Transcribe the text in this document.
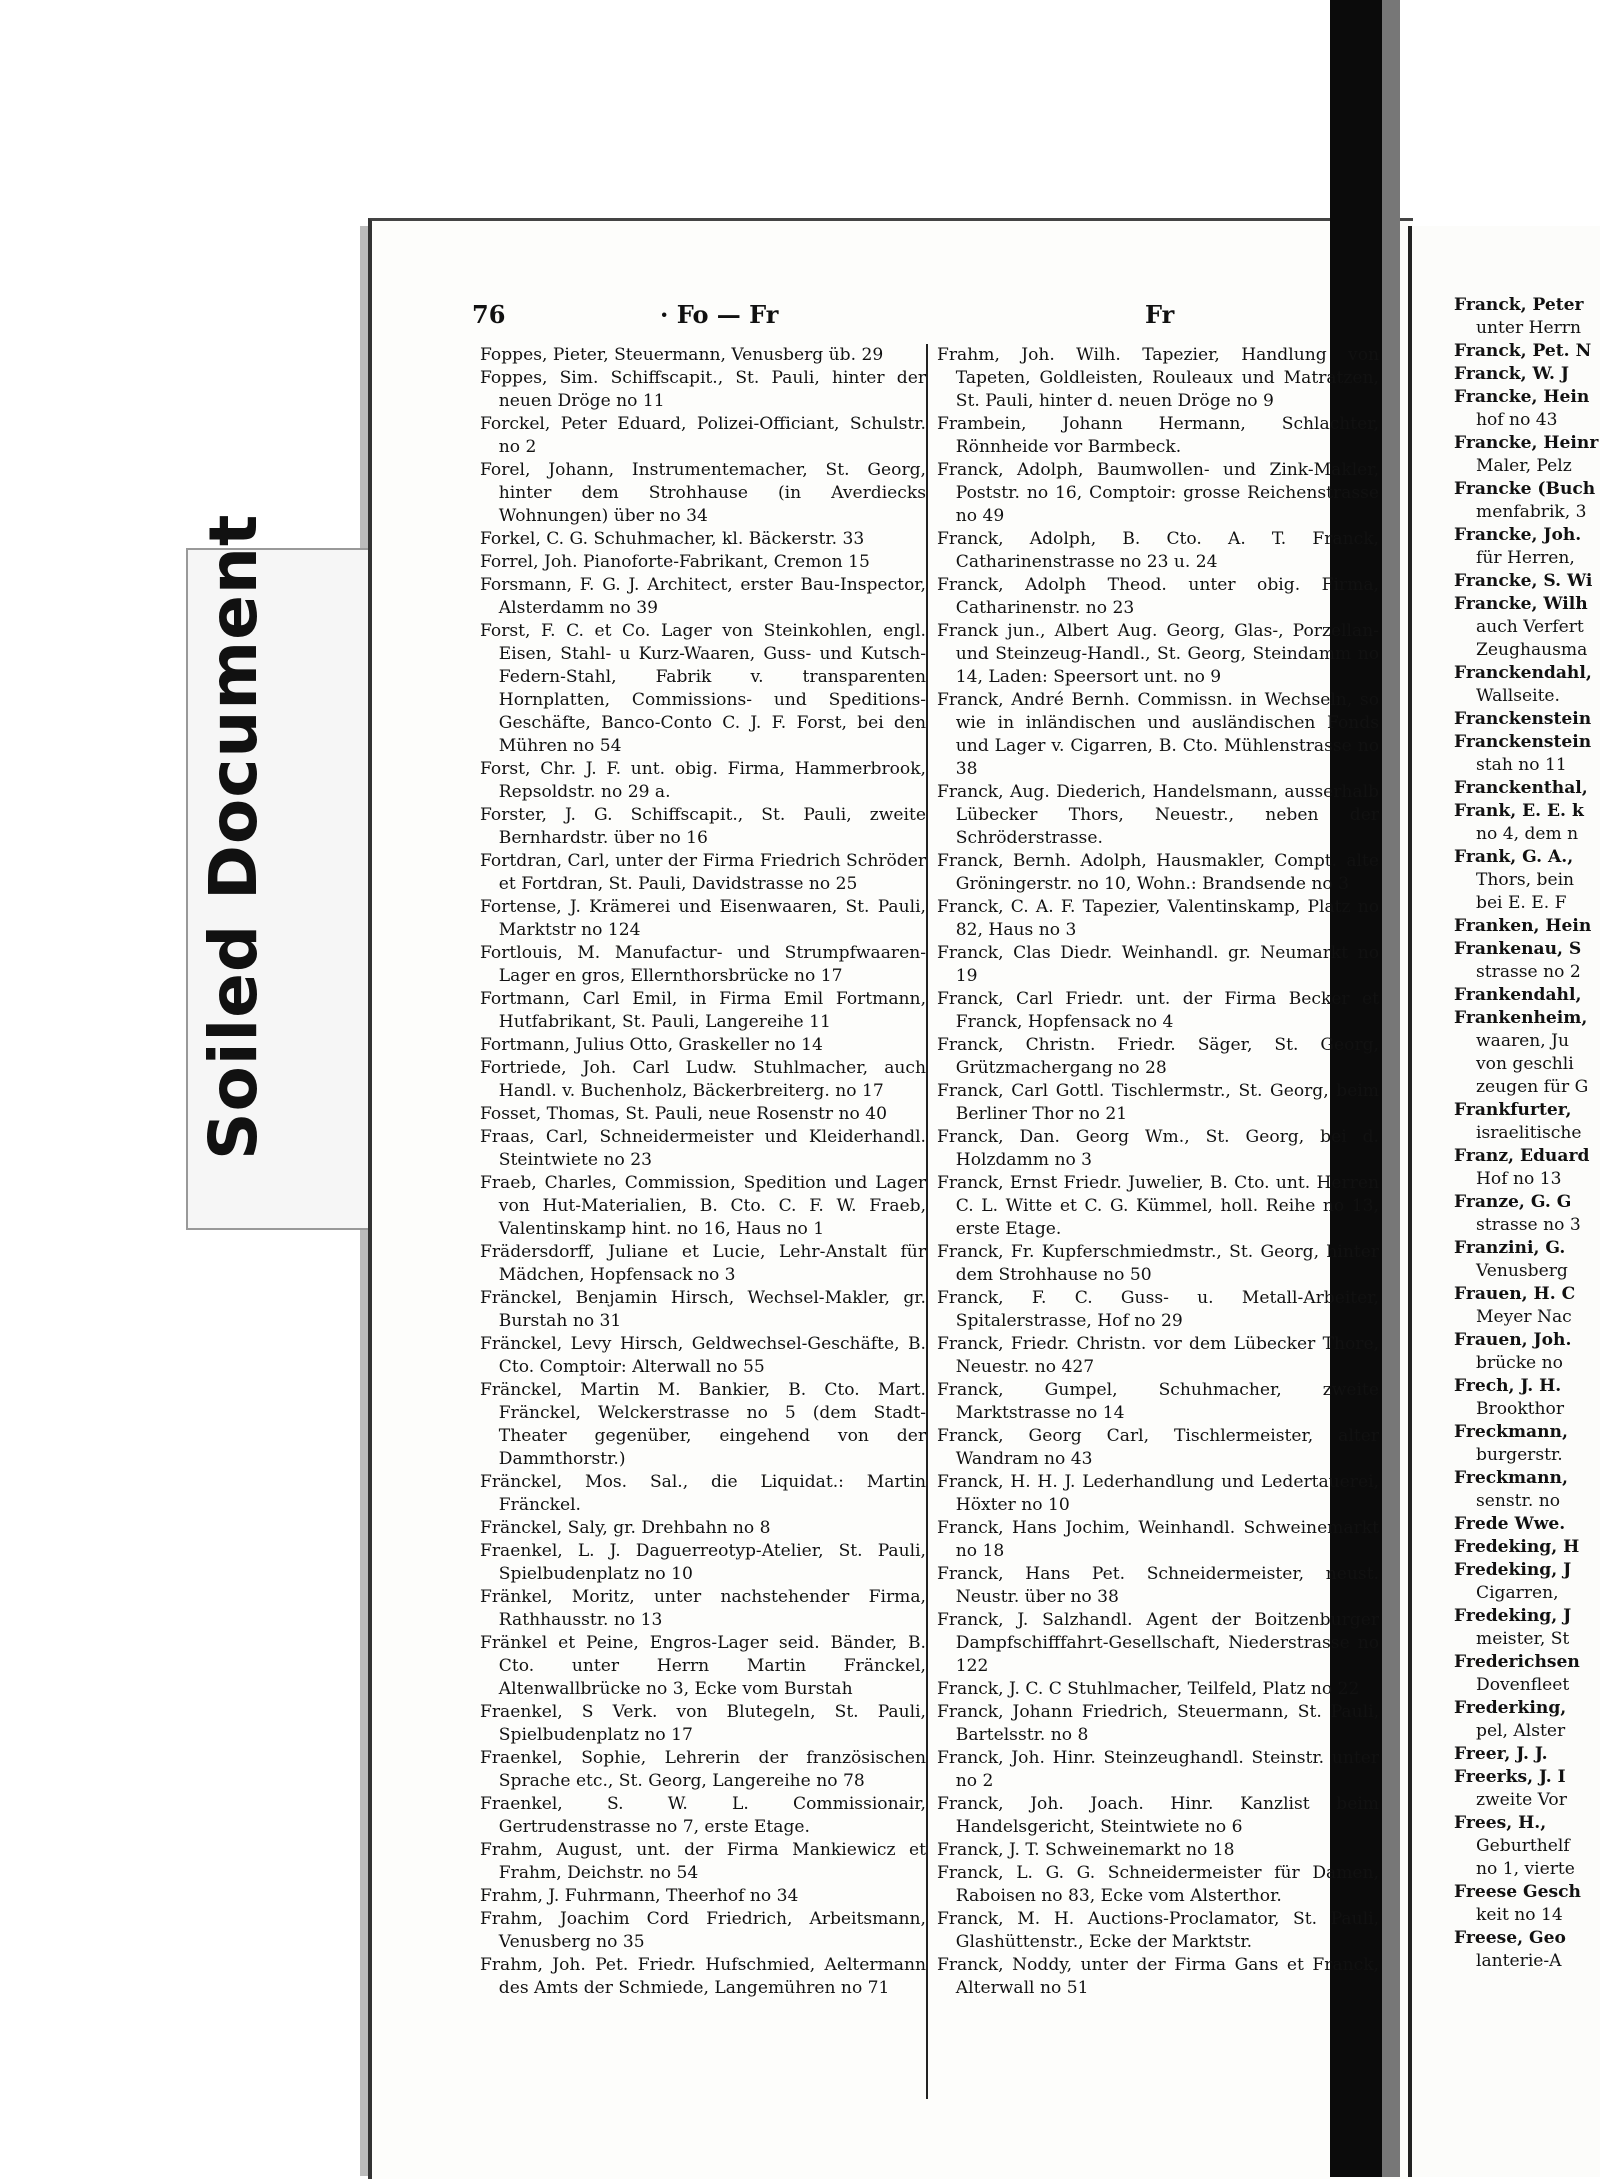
Soiled Document
76	· Fo — Fr	Fr

Foppes, Pieter, Steuermann, Venusberg üb. 29

Foppes, Sim. Schiffscapit., St. Pauli, hinter der neuen Dröge no 11

Forckel, Peter Eduard, Polizei-Officiant, Schulstr. no 2

Forel, Johann, Instrumentemacher, St. Georg, hinter dem Strohhause (in Averdiecks Wohnungen) über no 34

Forkel, C. G. Schuhmacher, kl. Bäckerstr. 33

Forrel, Joh. Pianoforte-Fabrikant, Cremon 15

Forsmann, F. G. J. Architect, erster Bau-Inspector, Alsterdamm no 39

Forst, F. C. et Co. Lager von Steinkohlen, engl. Eisen, Stahl- u Kurz-Waaren, Guss- und Kutsch-Federn-Stahl, Fabrik v. transparenten Hornplatten, Commissions- und Speditions-Geschäfte, Banco-Conto C. J. F. Forst, bei den Mühren no 54

Forst, Chr. J. F. unt. obig. Firma, Hammerbrook, Repsoldstr. no 29 a.

Forster, J. G. Schiffscapit., St. Pauli, zweite Bernhardstr. über no 16

Fortdran, Carl, unter der Firma Friedrich Schröder et Fortdran, St. Pauli, Davidstrasse no 25

Fortense, J. Krämerei und Eisenwaaren, St. Pauli, Marktstr no 124

Fortlouis, M. Manufactur- und Strumpfwaaren-Lager en gros, Ellernthorsbrücke no 17

Fortmann, Carl Emil, in Firma Emil Fortmann, Hutfabrikant, St. Pauli, Langereihe 11

Fortmann, Julius Otto, Graskeller no 14

Fortriede, Joh. Carl Ludw. Stuhlmacher, auch Handl. v. Buchenholz, Bäckerbreiterg. no 17

Fosset, Thomas, St. Pauli, neue Rosenstr no 40

Fraas, Carl, Schneidermeister und Kleiderhandl. Steintwiete no 23

Fraeb, Charles, Commission, Spedition und Lager von Hut-Materialien, B. Cto. C. F. W. Fraeb, Valentinskamp hint. no 16, Haus no 1

Frädersdorff, Juliane et Lucie, Lehr-Anstalt für Mädchen, Hopfensack no 3

Fränckel, Benjamin Hirsch, Wechsel-Makler, gr. Burstah no 31

Fränckel, Levy Hirsch, Geldwechsel-Geschäfte, B. Cto. Comptoir: Alterwall no 55

Fränckel, Martin M. Bankier, B. Cto. Mart. Fränckel, Welckerstrasse no 5 (dem Stadt-Theater gegenüber, eingehend von der Dammthorstr.)

Fränckel, Mos. Sal., die Liquidat.: Martin Fränckel.

Fränckel, Saly, gr. Drehbahn no 8

Fraenkel, L. J. Daguerreotyp-Atelier, St. Pauli, Spielbudenplatz no 10

Fränkel, Moritz, unter nachstehender Firma, Rathhausstr. no 13

Fränkel et Peine, Engros-Lager seid. Bänder, B. Cto. unter Herrn Martin Fränckel, Altenwallbrücke no 3, Ecke vom Burstah

Fraenkel, S Verk. von Blutegeln, St. Pauli, Spielbudenplatz no 17

Fraenkel, Sophie, Lehrerin der französischen Sprache etc., St. Georg, Langereihe no 78

Fraenkel, S. W. L. Commissionair, Gertrudenstrasse no 7, erste Etage.

Frahm, August, unt. der Firma Mankiewicz et Frahm, Deichstr. no 54

Frahm, J. Fuhrmann, Theerhof no 34

Frahm, Joachim Cord Friedrich, Arbeitsmann, Venusberg no 35

Frahm, Joh. Pet. Friedr. Hufschmied, Aeltermann des Amts der Schmiede, Langemühren no 71

Frahm, Joh. Wilh. Tapezier, Handlung von Tapeten, Goldleisten, Rouleaux und Matratzen, St. Pauli, hinter d. neuen Dröge no 9

Frambein, Johann Hermann, Schlachter, Rönnheide vor Barmbeck.

Franck, Adolph, Baumwollen- und Zink-Makler, Poststr. no 16, Comptoir: grosse Reichenstrasse no 49

Franck, Adolph, B. Cto. A. T. Franck, Catharinenstrasse no 23 u. 24

Franck, Adolph Theod. unter obig. Firma, Catharinenstr. no 23

Franck jun., Albert Aug. Georg, Glas-, Porzellan- und Steinzeug-Handl., St. Georg, Steindamm no 14, Laden: Speersort unt. no 9

Franck, André Bernh. Commissn. in Wechseln, so wie in inländischen und ausländischen Fonds und Lager v. Cigarren, B. Cto. Mühlenstrasse no 38

Franck, Aug. Diederich, Handelsmann, ausserhalb Lübecker Thors, Neuestr., neben der Schröderstrasse.

Franck, Bernh. Adolph, Hausmakler, Compt. alte Gröningerstr. no 10, Wohn.: Brandsende no 3

Franck, C. A. F. Tapezier, Valentinskamp, Platz no 82, Haus no 3

Franck, Clas Diedr. Weinhandl. gr. Neumarkt no 19

Franck, Carl Friedr. unt. der Firma Becker et Franck, Hopfensack no 4

Franck, Christn. Friedr. Säger, St. Georg, Grützmachergang no 28

Franck, Carl Gottl. Tischlermstr., St. Georg, beim Berliner Thor no 21

Franck, Dan. Georg Wm., St. Georg, bei d. Holzdamm no 3

Franck, Ernst Friedr. Juwelier, B. Cto. unt. Herren C. L. Witte et C. G. Kümmel, holl. Reihe no 13, erste Etage.

Franck, Fr. Kupferschmiedmstr., St. Georg, hinter dem Strohhause no 50

Franck, F. C. Guss- u. Metall-Arbeiter, Spitalerstrasse, Hof no 29

Franck, Friedr. Christn. vor dem Lübecker Thore, Neuestr. no 427

Franck, Gumpel, Schuhmacher, zweite Marktstrasse no 14

Franck, Georg Carl, Tischlermeister, alter Wandram no 43

Franck, H. H. J. Lederhandlung und Ledertauerei, Höxter no 10

Franck, Hans Jochim, Weinhandl. Schweinemarkt no 18

Franck, Hans Pet. Schneidermeister, neust. Neustr. über no 38

Franck, J. Salzhandl. Agent der Boitzenburger Dampfschifffahrt-Gesellschaft, Niederstrasse no 122

Franck, J. C. C Stuhlmacher, Teilfeld, Platz no 22

Franck, Johann Friedrich, Steuermann, St. Pauli, Bartelsstr. no 8

Franck, Joh. Hinr. Steinzeughandl. Steinstr. unter no 2

Franck, Joh. Joach. Hinr. Kanzlist beim Handelsgericht, Steintwiete no 6

Franck, J. T. Schweinemarkt no 18

Franck, L. G. G. Schneidermeister für Damen, Raboisen no 83, Ecke vom Alsterthor.

Franck, M. H. Auctions-Proclamator, St. Pauli, Glashüttenstr., Ecke der Marktstr.

Franck, Noddy, unter der Firma Gans et Franck, Alterwall no 51

Franck, Peter

unter Herrn

Franck, Pet. N

Franck, W. J

Francke, Hein

hof no 43

Francke, Heinr

Maler, Pelz

Francke (Buch

menfabrik, 3

Francke, Joh.

für Herren,

Francke, S. Wi

Francke, Wilh

auch Verfert

Zeughausma

Franckendahl,

Wallseite.

Franckenstein

Franckenstein

stah no 11

Franckenthal,

Frank, E. E. k

no 4, dem n

Frank, G. A.,

Thors, bein

bei E. E. F

Franken, Hein

Frankenau, S

strasse no 2

Frankendahl,

Frankenheim,

waaren, Ju

von geschli

zeugen für G

Frankfurter,

israelitische

Franz, Eduard

Hof no 13

Franze, G. G

strasse no 3

Franzini, G.

Venusberg

Frauen, H. C

Meyer Nac

Frauen, Joh.

brücke no

Frech, J. H.

Brookthor

Freckmann,

burgerstr.

Freckmann,

senstr. no

Frede Wwe.

Fredeking, H

Fredeking, J

Cigarren,

Fredeking, J

meister, St

Frederichsen

Dovenfleet

Frederking,

pel, Alster

Freer, J. J.

Freerks, J. I

zweite Vor

Frees, H.,

Geburthelf

no 1, vierte

Freese Gesch

keit no 14

Freese, Geo

lanterie-A
